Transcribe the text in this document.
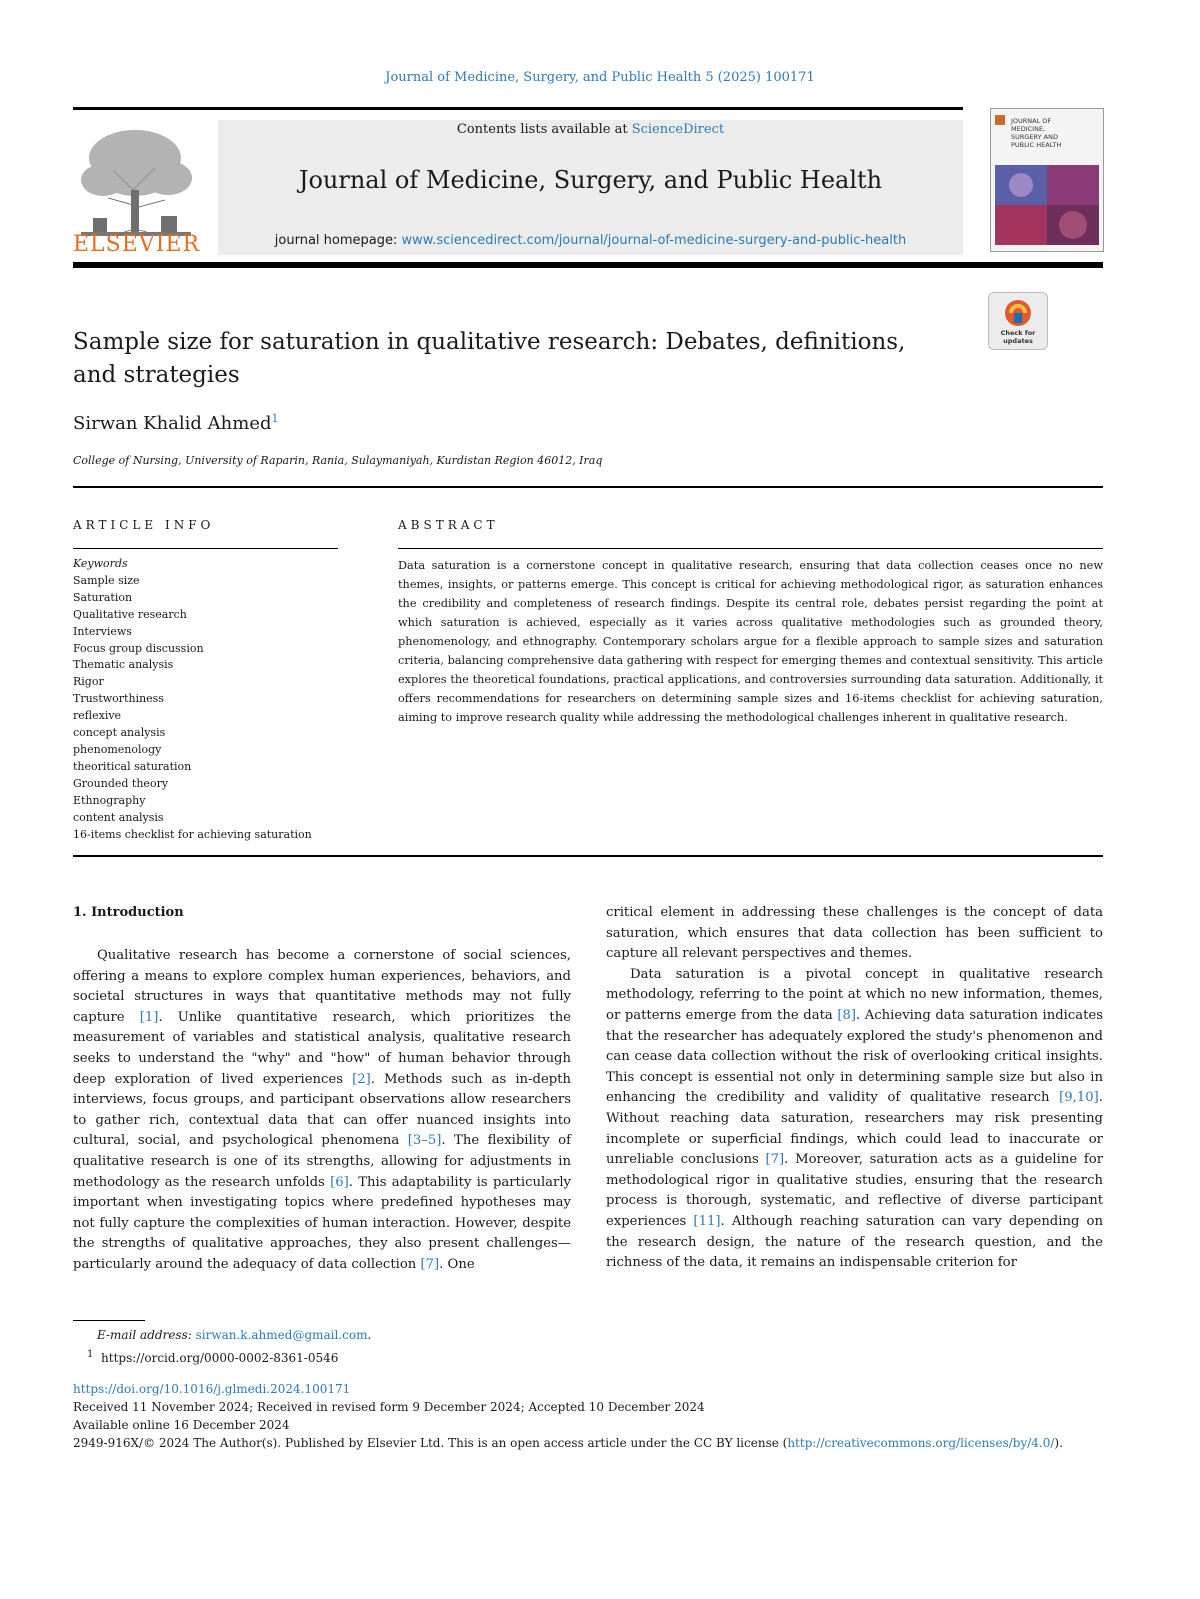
Journal of Medicine, Surgery, and Public Health 5 (2025) 100171
ELSEVIER
Contents lists available at ScienceDirect
Journal of Medicine, Surgery, and Public Health
journal homepage: www.sciencedirect.com/journal/journal-of-medicine-surgery-and-public-health
JOURNAL OF
MEDICINE,
SURGERY AND
PUBLIC HEALTH
Check for
updates
Sample size for saturation in qualitative research: Debates, definitions, and strategies
Sirwan Khalid Ahmed$^1$
College of Nursing, University of Raparin, Rania, Sulaymaniyah, Kurdistan Region 46012, Iraq
ARTICLE INFO	ABSTRACT
Keywords
Sample size
Saturation
Qualitative research
Interviews
Focus group discussion
Thematic analysis
Rigor
Trustworthiness
reflexive
concept analysis
phenomenology
theoritical saturation
Grounded theory
Ethnography
content analysis
16-items checklist for achieving saturation
Data saturation is a cornerstone concept in qualitative research, ensuring that data collection ceases once no new themes, insights, or patterns emerge. This concept is critical for achieving methodological rigor, as saturation enhances the credibility and completeness of research findings. Despite its central role, debates persist regarding the point at which saturation is achieved, especially as it varies across qualitative methodologies such as grounded theory, phenomenology, and ethnography. Contemporary scholars argue for a flexible approach to sample sizes and saturation criteria, balancing comprehensive data gathering with respect for emerging themes and contextual sensitivity. This article explores the theoretical foundations, practical applications, and controversies surrounding data saturation. Additionally, it offers recommendations for researchers on determining sample sizes and 16-items checklist for achieving saturation, aiming to improve research quality while addressing the methodological challenges inherent in qualitative research.
1. Introduction

Qualitative research has become a cornerstone of social sciences, offering a means to explore complex human experiences, behaviors, and societal structures in ways that quantitative methods may not fully capture [1]. Unlike quantitative research, which prioritizes the measurement of variables and statistical analysis, qualitative research seeks to understand the "why" and "how" of human behavior through deep exploration of lived experiences [2]. Methods such as in-depth interviews, focus groups, and participant observations allow researchers to gather rich, contextual data that can offer nuanced insights into cultural, social, and psychological phenomena [3–5]. The flexibility of qualitative research is one of its strengths, allowing for adjustments in methodology as the research unfolds [6]. This adaptability is particularly important when investigating topics where predefined hypotheses may not fully capture the complexities of human interaction. However, despite the strengths of qualitative approaches, they also present challenges—particularly around the adequacy of data collection [7]. One

critical element in addressing these challenges is the concept of data saturation, which ensures that data collection has been sufficient to capture all relevant perspectives and themes.

Data saturation is a pivotal concept in qualitative research methodology, referring to the point at which no new information, themes, or patterns emerge from the data [8]. Achieving data saturation indicates that the researcher has adequately explored the study's phenomenon and can cease data collection without the risk of overlooking critical insights. This concept is essential not only in determining sample size but also in enhancing the credibility and validity of qualitative research [9,10]. Without reaching data saturation, researchers may risk presenting incomplete or superficial findings, which could lead to inaccurate or unreliable conclusions [7]. Moreover, saturation acts as a guideline for methodological rigor in qualitative studies, ensuring that the research process is thorough, systematic, and reflective of diverse participant experiences [11]. Although reaching saturation can vary depending on the research design, the nature of the research question, and the richness of the data, it remains an indispensable criterion for

E-mail address: sirwan.k.ahmed@gmail.com.
$^1$ https://orcid.org/0000-0002-8361-0546
https://doi.org/10.1016/j.glmedi.2024.100171
Received 11 November 2024; Received in revised form 9 December 2024; Accepted 10 December 2024
Available online 16 December 2024
2949-916X/© 2024 The Author(s). Published by Elsevier Ltd. This is an open access article under the CC BY license (http://creativecommons.org/licenses/by/4.0/).
